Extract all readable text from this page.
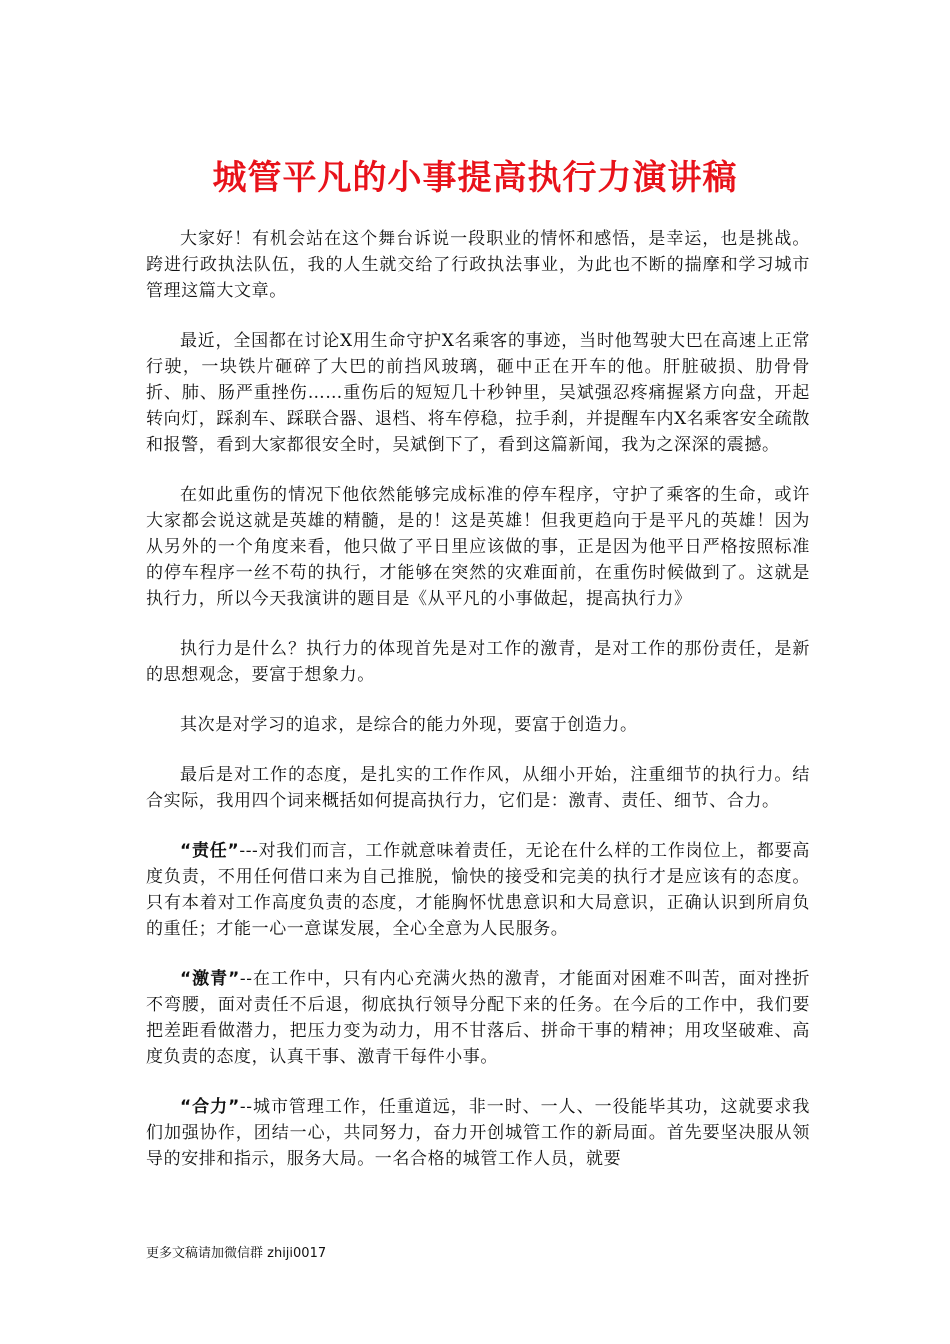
城管平凡的小事提高执行力演讲稿

大家好！有机会站在这个舞台诉说一段职业的情怀和感悟，是幸运，也是挑战。跨进行政执法队伍，我的人生就交给了行政执法事业，为此也不断的揣摩和学习城市管理这篇大文章。

最近，全国都在讨论X用生命守护X名乘客的事迹，当时他驾驶大巴在高速上正常行驶，一块铁片砸碎了大巴的前挡风玻璃，砸中正在开车的他。肝脏破损、肋骨骨折、肺、肠严重挫伤……重伤后的短短几十秒钟里，吴斌强忍疼痛握紧方向盘，开起转向灯，踩刹车、踩联合器、退档、将车停稳，拉手刹，并提醒车内X名乘客安全疏散和报警，看到大家都很安全时，吴斌倒下了，看到这篇新闻，我为之深深的震撼。

在如此重伤的情况下他依然能够完成标准的停车程序，守护了乘客的生命，或许大家都会说这就是英雄的精髓，是的！这是英雄！但我更趋向于是平凡的英雄！因为从另外的一个角度来看，他只做了平日里应该做的事，正是因为他平日严格按照标准的停车程序一丝不苟的执行，才能够在突然的灾难面前，在重伤时候做到了。这就是执行力，所以今天我演讲的题目是《从平凡的小事做起，提高执行力》

执行力是什么？执行力的体现首先是对工作的激青，是对工作的那份责任，是新的思想观念，要富于想象力。

其次是对学习的追求，是综合的能力外现，要富于创造力。

最后是对工作的态度，是扎实的工作作风，从细小开始，注重细节的执行力。结合实际，我用四个词来概括如何提高执行力，它们是：激青、责任、细节、合力。

“责任”---对我们而言，工作就意味着责任，无论在什么样的工作岗位上，都要高度负责，不用任何借口来为自己推脱，愉快的接受和完美的执行才是应该有的态度。只有本着对工作高度负责的态度，才能胸怀忧患意识和大局意识，正确认识到所肩负的重任；才能一心一意谋发展，全心全意为人民服务。

“激青”--在工作中，只有内心充满火热的激青，才能面对困难不叫苦，面对挫折不弯腰，面对责任不后退，彻底执行领导分配下来的任务。在今后的工作中，我们要把差距看做潜力，把压力变为动力，用不甘落后、拼命干事的精神；用攻坚破难、高度负责的态度，认真干事、激青干每件小事。

“合力”--城市管理工作，任重道远，非一时、一人、一役能毕其功，这就要求我们加强协作，团结一心，共同努力，奋力开创城管工作的新局面。首先要坚决服从领导的安排和指示，服务大局。一名合格的城管工作人员，就要

更多文稿请加微信群 zhiji0017
